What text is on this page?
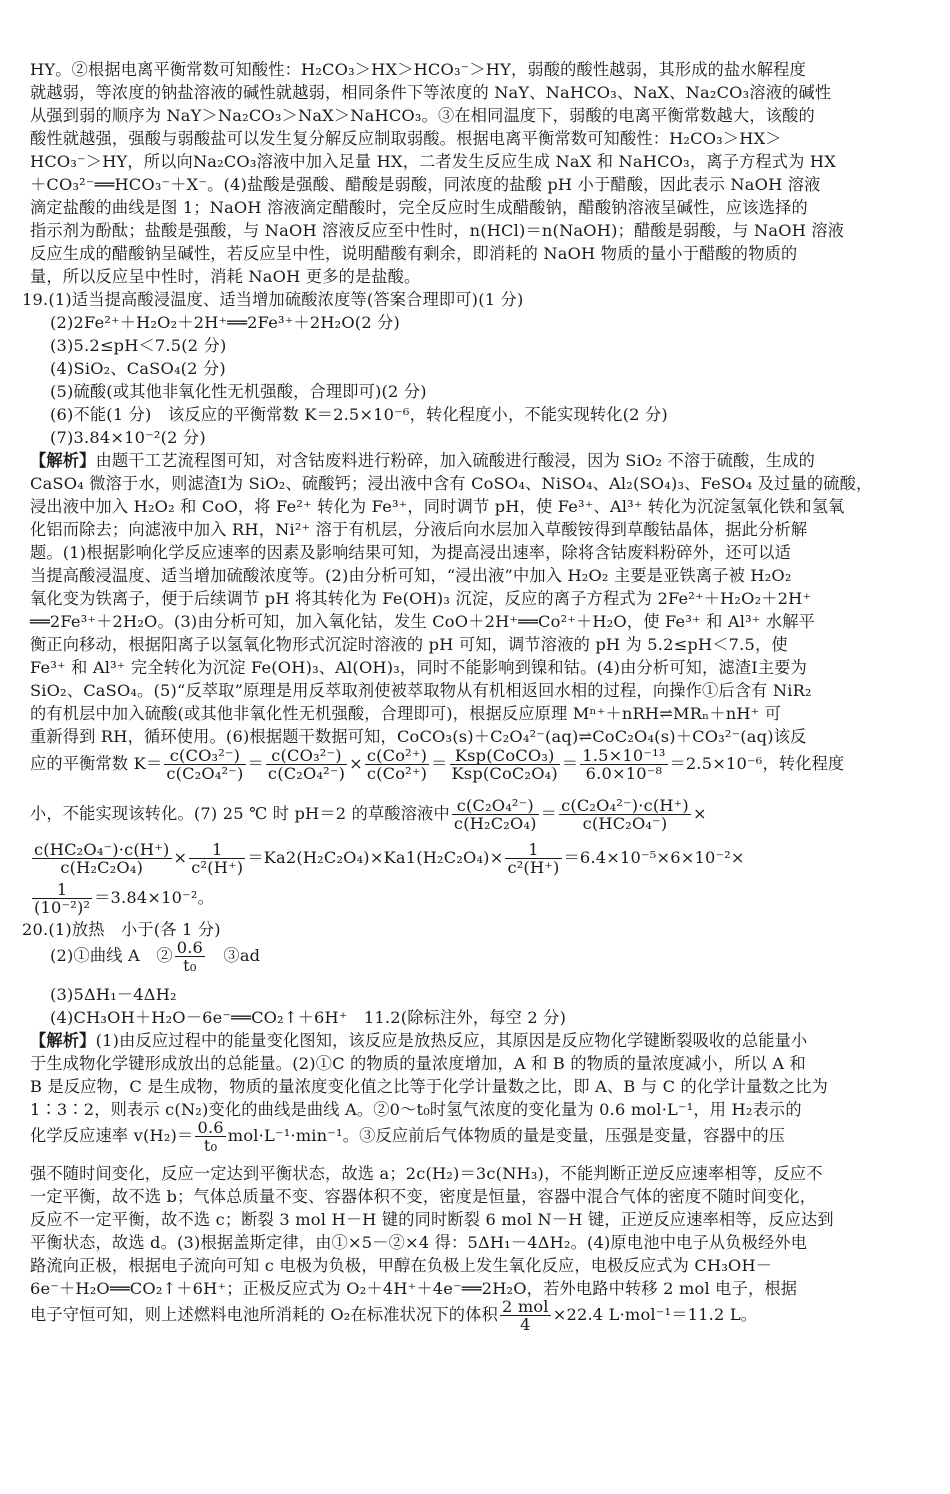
HY。②根据电离平衡常数可知酸性：H₂CO₃＞HX＞HCO₃⁻＞HY，弱酸的酸性越弱，其形成的盐水解程度
就越弱，等浓度的钠盐溶液的碱性就越弱，相同条件下等浓度的 NaY、NaHCO₃、NaX、Na₂CO₃溶液的碱性
从强到弱的顺序为 NaY＞Na₂CO₃＞NaX＞NaHCO₃。③在相同温度下，弱酸的电离平衡常数越大，该酸的
酸性就越强，强酸与弱酸盐可以发生复分解反应制取弱酸。根据电离平衡常数可知酸性：H₂CO₃＞HX＞
HCO₃⁻＞HY，所以向Na₂CO₃溶液中加入足量 HX，二者发生反应生成 NaX 和 NaHCO₃，离子方程式为 HX
＋CO₃²⁻══HCO₃⁻＋X⁻。(4)盐酸是强酸、醋酸是弱酸，同浓度的盐酸 pH 小于醋酸，因此表示 NaOH 溶液
滴定盐酸的曲线是图 1；NaOH 溶液滴定醋酸时，完全反应时生成醋酸钠，醋酸钠溶液呈碱性，应该选择的
指示剂为酚酞；盐酸是强酸，与 NaOH 溶液反应至中性时，n(HCl)＝n(NaOH)；醋酸是弱酸，与 NaOH 溶液
反应生成的醋酸钠呈碱性，若反应呈中性，说明醋酸有剩余，即消耗的 NaOH 物质的量小于醋酸的物质的
量，所以反应呈中性时，消耗 NaOH 更多的是盐酸。
19.(1)适当提高酸浸温度、适当增加硫酸浓度等(答案合理即可)(1 分)
(2)2Fe²⁺＋H₂O₂＋2H⁺══2Fe³⁺＋2H₂O(2 分)
(3)5.2≤pH＜7.5(2 分)
(4)SiO₂、CaSO₄(2 分)
(5)硫酸(或其他非氧化性无机强酸，合理即可)(2 分)
(6)不能(1 分)　该反应的平衡常数 K＝2.5×10⁻⁶，转化程度小，不能实现转化(2 分)
(7)3.84×10⁻²(2 分)
【解析】由题干工艺流程图可知，对含钴废料进行粉碎，加入硫酸进行酸浸，因为 SiO₂ 不溶于硫酸，生成的
CaSO₄ 微溶于水，则滤渣Ⅰ为 SiO₂、硫酸钙；浸出液中含有 CoSO₄、NiSO₄、Al₂(SO₄)₃、FeSO₄ 及过量的硫酸，
浸出液中加入 H₂O₂ 和 CoO，将 Fe²⁺ 转化为 Fe³⁺，同时调节 pH，使 Fe³⁺、Al³⁺ 转化为沉淀氢氧化铁和氢氧
化铝而除去；向滤液中加入 RH，Ni²⁺ 溶于有机层，分液后向水层加入草酸铵得到草酸钴晶体，据此分析解
题。(1)根据影响化学反应速率的因素及影响结果可知，为提高浸出速率，除将含钴废料粉碎外，还可以适
当提高酸浸温度、适当增加硫酸浓度等。(2)由分析可知，“浸出液”中加入 H₂O₂ 主要是亚铁离子被 H₂O₂
氧化变为铁离子，便于后续调节 pH 将其转化为 Fe(OH)₃ 沉淀，反应的离子方程式为 2Fe²⁺＋H₂O₂＋2H⁺
══2Fe³⁺＋2H₂O。(3)由分析可知，加入氧化钴，发生 CoO＋2H⁺══Co²⁺＋H₂O，使 Fe³⁺ 和 Al³⁺ 水解平
衡正向移动，根据阳离子以氢氧化物形式沉淀时溶液的 pH 可知，调节溶液的 pH 为 5.2≤pH＜7.5，使
Fe³⁺ 和 Al³⁺ 完全转化为沉淀 Fe(OH)₃、Al(OH)₃，同时不能影响到镍和钴。(4)由分析可知，滤渣Ⅰ主要为
SiO₂、CaSO₄。(5)“反萃取”原理是用反萃取剂使被萃取物从有机相返回水相的过程，向操作①后含有 NiR₂
的有机层中加入硫酸(或其他非氧化性无机强酸，合理即可)，根据反应原理 Mⁿ⁺＋nRH⇌MRₙ＋nH⁺ 可
重新得到 RH，循环使用。(6)根据题干数据可知，CoCO₃(s)＋C₂O₄²⁻(aq)⇌CoC₂O₄(s)＋CO₃²⁻(aq)该反
应的平衡常数 $K= \frac{\text{c(CO₃²⁻)}}{\text{c(C₂O₄²⁻)}} = \frac{\text{c(CO₃²⁻)}}{\text{c(C₂O₄²⁻)}} \times \frac{\text{c(Co²⁺)}}{\text{c(Co²⁺)}} = \frac{\text{Ksp(CoCO₃)}}{\text{Ksp(CoC₂O₄)}} = \frac{\text{1.5×10⁻¹³}}{\text{6.0×10⁻⁸}} =2.5\times 10^{-6}$，转化程度
小，不能实现该转化。(7) 25 ℃ 时 pH＝2 的草酸溶液中 $\frac{\text{c(C₂O₄²⁻)}}{\text{c(H₂C₂O₄)}} = \frac{\text{c(C₂O₄²⁻)·c(H⁺)}}{\text{c(HC₂O₄⁻)}}$ ×
$\frac{\text{c(HC₂O₄⁻)·c(H⁺)}}{\text{c(H₂C₂O₄)}} \times \frac{1}{\text{c²(H⁺)}} =Ka2(H_2C_2O_4)\times Ka1(H_2C_2O_4)\times \frac{1}{\text{c²(H⁺)}} =6.4\times 10^{-5}\times 6\times 10^{-2}\times$
$\frac{1}{\text{(10⁻²)²}} =3.84\times 10^{-2}$。
20.(1)放热　小于(各 1 分)
(2)①曲线 A　② $\frac{0.6}{\text{t₀}}$ 　③ad
(3)5ΔH₁－4ΔH₂
(4)CH₃OH＋H₂O－6e⁻══CO₂↑＋6H⁺　11.2(除标注外，每空 2 分)
【解析】(1)由反应过程中的能量变化图知，该反应是放热反应，其原因是反应物化学键断裂吸收的总能量小
于生成物化学键形成放出的总能量。(2)①C 的物质的量浓度增加，A 和 B 的物质的量浓度减小，所以 A 和
B 是反应物，C 是生成物，物质的量浓度变化值之比等于化学计量数之比，即 A、B 与 C 的化学计量数之比为
1∶3∶2，则表示 c(N₂)变化的曲线是曲线 A。②0～t₀时氢气浓度的变化量为 0.6 mol·L⁻¹，用 H₂表示的
化学反应速率 $v(H_2)= \frac{0.6}{\text{t₀}} mol\cdot L^{-1}\cdot\min^{-1}$。③反应前后气体物质的量是变量，压强是变量，容器中的压
强不随时间变化，反应一定达到平衡状态，故选 a；2c(H₂)＝3c(NH₃)，不能判断正逆反应速率相等，反应不
一定平衡，故不选 b；气体总质量不变、容器体积不变，密度是恒量，容器中混合气体的密度不随时间变化，
反应不一定平衡，故不选 c；断裂 3 mol H－H 键的同时断裂 6 mol N－H 键，正逆反应速率相等，反应达到
平衡状态，故选 d。(3)根据盖斯定律，由①×5－②×4 得：5ΔH₁－4ΔH₂。(4)原电池中电子从负极经外电
路流向正极，根据电子流向可知 c 电极为负极，甲醇在负极上发生氧化反应，电极反应式为 CH₃OH－
6e⁻＋H₂O══CO₂↑＋6H⁺；正极反应式为 O₂＋4H⁺＋4e⁻══2H₂O，若外电路中转移 2 mol 电子，根据
电子守恒可知，则上述燃料电池所消耗的 O₂在标准状况下的体积 $\frac{\text{2 mol}}{4} \times 22.4$ L·mol⁻¹＝11.2 L。
